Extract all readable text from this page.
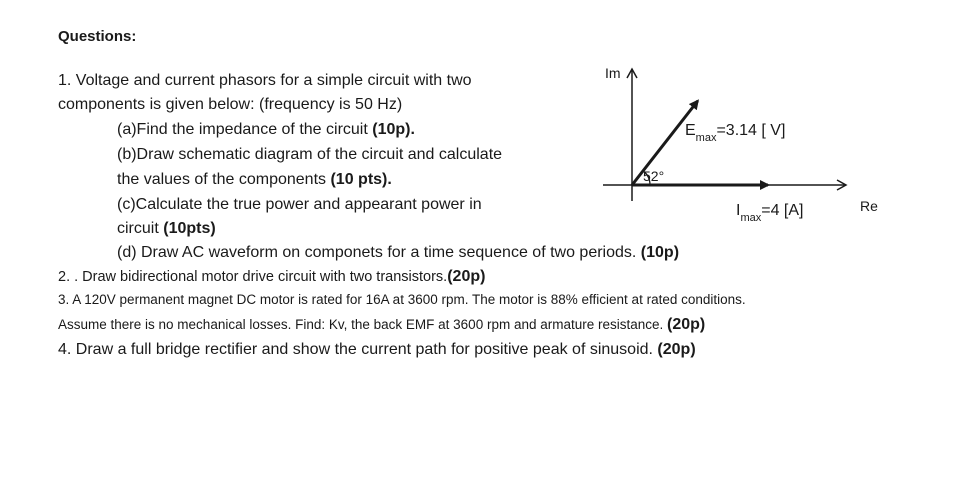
Questions:
1. Voltage and current phasors for a simple circuit with two
components is given below: (frequency is 50 Hz)
(a)Find the impedance of the circuit (10p).
(b)Draw schematic diagram of the circuit and calculate
the values of the components (10 pts).
(c)Calculate the true power and appearant power in
circuit (10pts)
(d) Draw AC waveform on componets for a time sequence of two periods. (10p)
2. . Draw bidirectional motor drive circuit with two transistors.(20p)
3. A 120V permanent magnet DC motor is rated for 16A at 3600 rpm. The motor is 88% efficient at rated conditions.
Assume there is no mechanical losses. Find: Kv, the back EMF at 3600 rpm and armature resistance. (20p)
4. Draw a full bridge rectifier and show the current path for positive peak of sinusoid. (20p)
Im
Re
52°
$E_{max}=3.14$ [ V]
$I_{max}=4$ [A]
